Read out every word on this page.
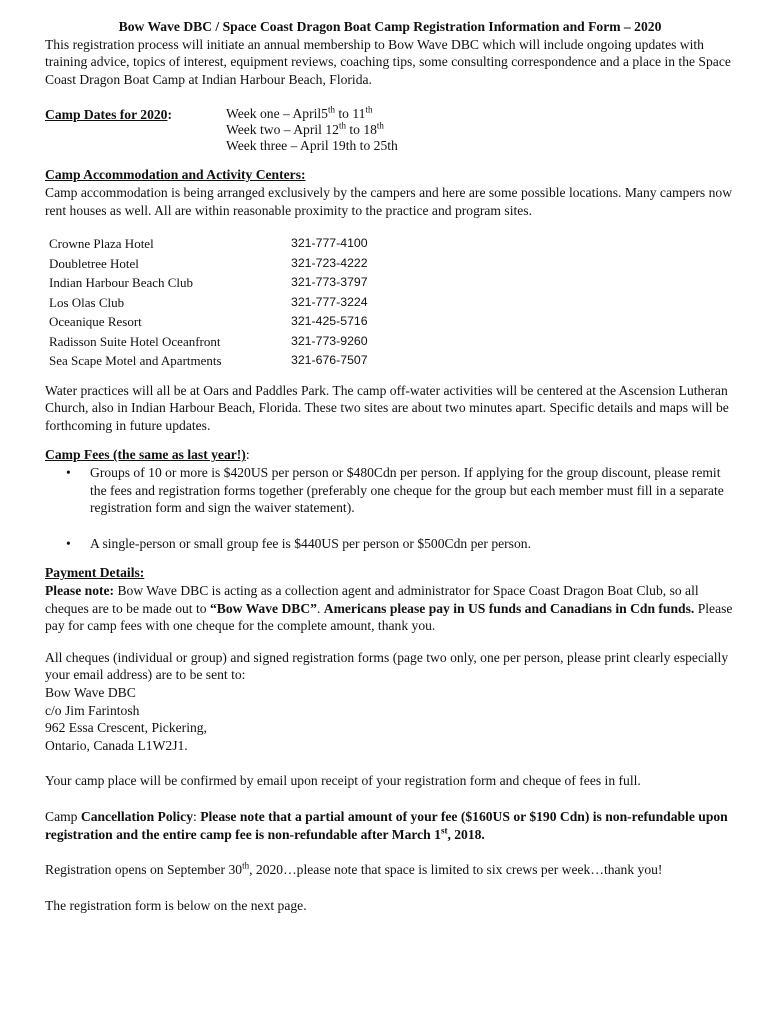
Bow Wave DBC / Space Coast Dragon Boat Camp Registration Information and Form – 2020

This registration process will initiate an annual membership to Bow Wave DBC which will include ongoing updates with training advice, topics of interest, equipment reviews, coaching tips, some consulting correspondence and a place in the Space Coast Dragon Boat Camp at Indian Harbour Beach, Florida.

Camp Dates for 2020:	Week one – April5th to 11th
Week two – April 12th to 18th
Week three – April 19th to 25th
Camp Accommodation and Activity Centers:

Camp accommodation is being arranged exclusively by the campers and here are some possible locations. Many campers now rent houses as well. All are within reasonable proximity to the practice and program sites.

Crowne Plaza Hotel	321-777-4100
Doubletree Hotel	321-723-4222
Indian Harbour Beach Club	321-773-3797
Los Olas Club	321-777-3224
Oceanique Resort	321-425-5716
Radisson Suite Hotel Oceanfront	321-773-9260
Sea Scape Motel and Apartments	321-676-7507

Water practices will all be at Oars and Paddles Park. The camp off-water activities will be centered at the Ascension Lutheran Church, also in Indian Harbour Beach, Florida. These two sites are about two minutes apart. Specific details and maps will be forthcoming in future updates.

Camp Fees (the same as last year!):
• Groups of 10 or more is $420US per person or $480Cdn per person. If applying for the group discount, please remit the fees and registration forms together (preferably one cheque for the group but each member must fill in a separate registration form and sign the waiver statement).
• A single-person or small group fee is $440US per person or $500Cdn per person.
Payment Details:

Please note: Bow Wave DBC is acting as a collection agent and administrator for Space Coast Dragon Boat Club, so all cheques are to be made out to “Bow Wave DBC”. Americans please pay in US funds and Canadians in Cdn funds. Please pay for camp fees with one cheque for the complete amount, thank you.

All cheques (individual or group) and signed registration forms (page two only, one per person, please print clearly especially your email address) are to be sent to:

Bow Wave DBC
c/o Jim Farintosh
962 Essa Crescent, Pickering,
Ontario, Canada L1W2J1.

Your camp place will be confirmed by email upon receipt of your registration form and cheque of fees in full.

Camp Cancellation Policy: Please note that a partial amount of your fee ($160US or $190 Cdn) is non-refundable upon registration and the entire camp fee is non-refundable after March 1st, 2018.

Registration opens on September 30th, 2020…please note that space is limited to six crews per week…thank you!

The registration form is below on the next page.
